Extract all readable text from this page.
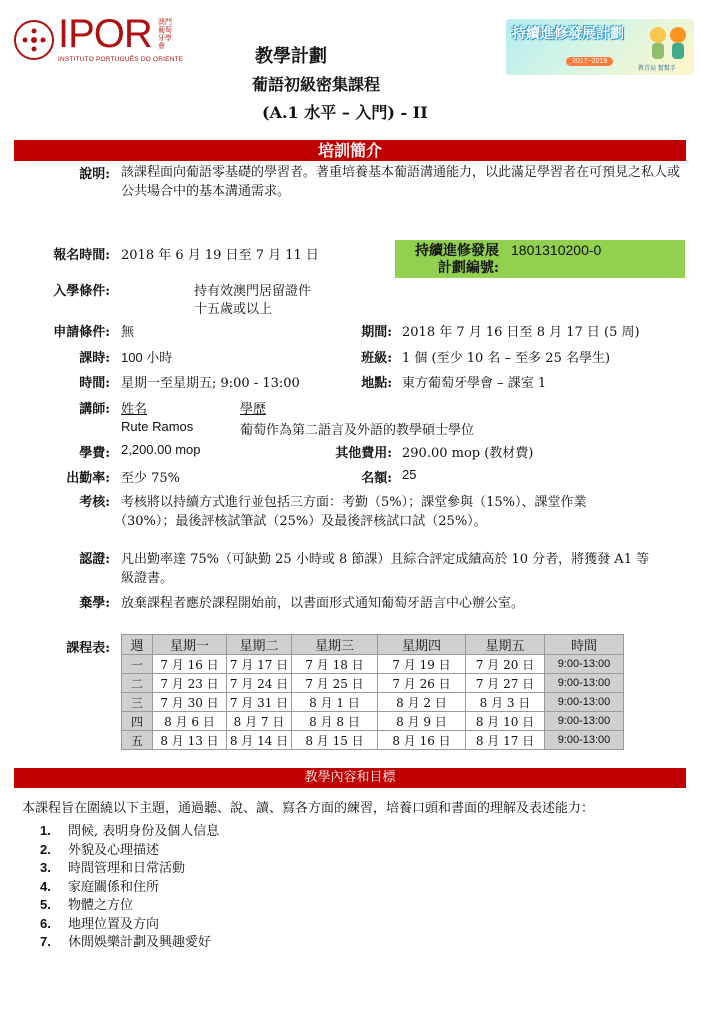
IPOR 澳門葡萄牙學會
INSTITUTO PORTUGUÊS DO ORIENTE	教學計劃
葡語初級密集課程
(A.1 水平 – 入門) - II
持續進修發展計劃
2017~2019
教青局 幫幫手
培訓簡介
說明: 該課程面向葡語零基礎的學習者。著重培養基本葡語溝通能力，以此滿足學習者在可預見之私人或公共場合中的基本溝通需求。
報名時間: 2018 年 6 月 19 日至 7 月 11 日	持續進修發展計劃編號:
1801310200-0
入學條件:	持有效澳門居留證件
十五歲或以上
申請條件: 無	期間: 2018 年 7 月 16 日至 8 月 17 日 (5 周)
課時: 100 小時	班級: 1 個 (至少 10 名 – 至多 25 名學生)
時間: 星期一至星期五; 9:00 - 13:00	地點: 東方葡萄牙學會 – 課室 1
講師: 姓名	學歷
Rute Ramos	葡萄作為第二語言及外語的教學碩士學位
學費: 2,200.00 mop	其他費用: 290.00 mop (教材費)
出勤率: 至少 75%	名額: 25
考核: 考核將以持續方式進行並包括三方面：考勤（5%）；課堂參與（15%）、課堂作業
（30%）；最後評核試筆試（25%）及最後評核試口試（25%）。
認證: 凡出勤率達 75%（可缺勤 25 小時或 8 節課）且綜合評定成績高於 10 分者，將獲發 A1 等
級證書。
棄學: 放棄課程者應於課程開始前，以書面形式通知葡萄牙語言中心辦公室。
課程表: 週	星期一	星期二	星期三	星期四	星期五	時間
一	7 月 16 日	7 月 17 日	7 月 18 日	7 月 19 日	7 月 20 日	9:00-13:00
二	7 月 23 日	7 月 24 日	7 月 25 日	7 月 26 日	7 月 27 日	9:00-13:00
三	7 月 30 日	7 月 31 日	8 月 1 日	8 月 2 日	8 月 3 日	9:00-13:00
四	8 月 6 日	8 月 7 日	8 月 8 日	8 月 9 日	8 月 10 日	9:00-13:00
五	8 月 13 日	8 月 14 日	8 月 15 日	8 月 16 日	8 月 17 日	9:00-13:00
教學內容和目標
本課程旨在圍繞以下主題，通過聽、說、讀、寫各方面的練習，培養口頭和書面的理解及表述能力：
1. 問候, 表明身份及個人信息
2. 外貌及心理描述
3. 時間管理和日常活動
4. 家庭關係和住所
5. 物體之方位
6. 地理位置及方向
7. 休閒娛樂計劃及興趣愛好
